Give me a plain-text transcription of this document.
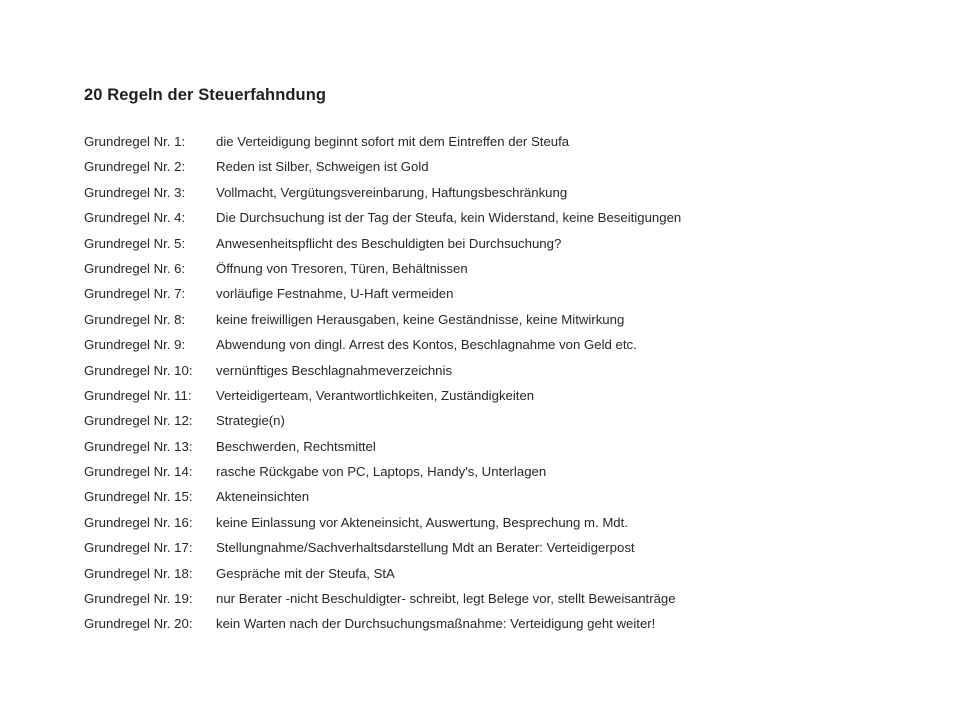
20 Regeln der Steuerfahndung
Grundregel Nr. 1:	die Verteidigung beginnt sofort mit dem Eintreffen der Steufa
Grundregel Nr. 2:	Reden ist Silber, Schweigen ist Gold
Grundregel Nr. 3:	Vollmacht, Vergütungsvereinbarung, Haftungsbeschränkung
Grundregel Nr. 4:	Die Durchsuchung ist der Tag der Steufa, kein Widerstand, keine Beseitigungen
Grundregel Nr. 5:	Anwesenheitspflicht des Beschuldigten bei Durchsuchung?
Grundregel Nr. 6:	Öffnung von Tresoren, Türen, Behältnissen
Grundregel Nr. 7:	vorläufige Festnahme, U-Haft vermeiden
Grundregel Nr. 8:	keine freiwilligen Herausgaben, keine Geständnisse, keine Mitwirkung
Grundregel Nr. 9:	Abwendung von dingl. Arrest des Kontos, Beschlagnahme von Geld etc.
Grundregel Nr. 10:	vernünftiges Beschlagnahmeverzeichnis
Grundregel Nr. 11:	Verteidigerteam, Verantwortlichkeiten, Zuständigkeiten
Grundregel Nr. 12:	Strategie(n)
Grundregel Nr. 13:	Beschwerden, Rechtsmittel
Grundregel Nr. 14:	rasche Rückgabe von PC, Laptops, Handy's, Unterlagen
Grundregel Nr. 15:	Akteneinsichten
Grundregel Nr. 16:	keine Einlassung vor Akteneinsicht, Auswertung, Besprechung m. Mdt.
Grundregel Nr. 17:	Stellungnahme/Sachverhaltsdarstellung Mdt an Berater: Verteidigerpost
Grundregel Nr. 18:	Gespräche mit der Steufa, StA
Grundregel Nr. 19:	nur Berater -nicht Beschuldigter- schreibt, legt Belege vor, stellt Beweisanträge
Grundregel Nr. 20:	kein Warten nach der Durchsuchungsmaßnahme: Verteidigung geht weiter!
